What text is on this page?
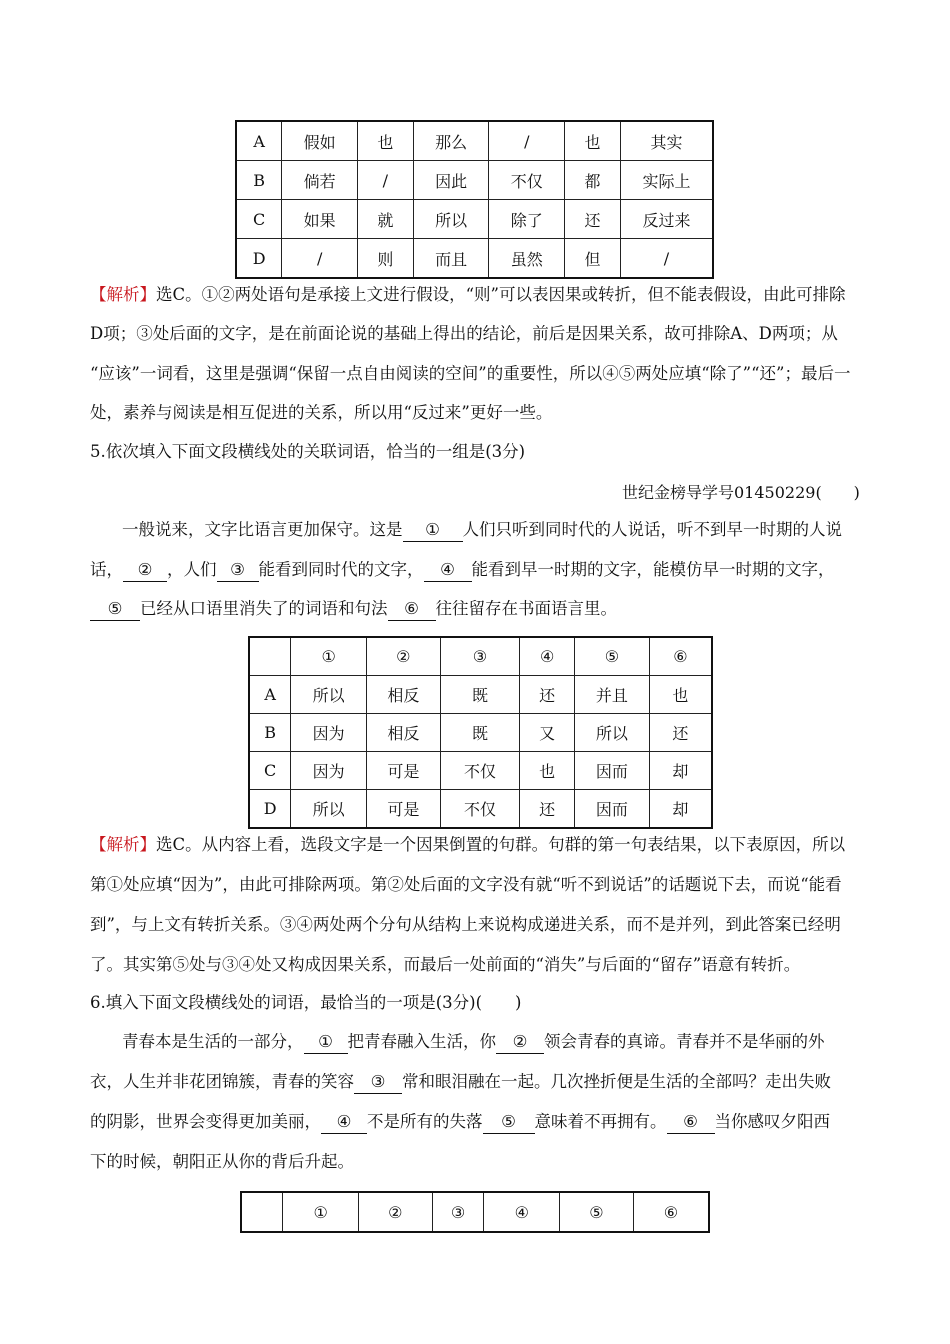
A	假如	也	那么	/	也	其实
B	倘若	/	因此	不仅	都	实际上
C	如果	就	所以	除了	还	反过来
D	/	则	而且	虽然	但	/
【解析】选C。①②两处语句是承接上文进行假设，“则”可以表因果或转折，但不能表假设，由此可排除
D项；③处后面的文字，是在前面论说的基础上得出的结论，前后是因果关系，故可排除A、D两项；从
“应该”一词看，这里是强调“保留一点自由阅读的空间”的重要性，所以④⑤两处应填“除了”“还”；最后一
处，素养与阅读是相互促进的关系，所以用“反过来”更好一些。
5.依次填入下面文段横线处的关联词语，恰当的一组是(3分)
世纪金榜导学号01450229(　　)
一般说来，文字比语言更加保守。这是 ① 人们只听到同时代的人说话，听不到早一时期的人说
话， ② ，人们 ③ 能看到同时代的文字， ④ 能看到早一时期的文字，能模仿早一时期的文字，
⑤ 已经从口语里消失了的词语和句法 ⑥ 往往留存在书面语言里。
	①	②	③	④	⑤	⑥
A	所以	相反	既	还	并且	也
B	因为	相反	既	又	所以	还
C	因为	可是	不仅	也	因而	却
D	所以	可是	不仅	还	因而	却
【解析】选C。从内容上看，选段文字是一个因果倒置的句群。句群的第一句表结果，以下表原因，所以
第①处应填“因为”，由此可排除两项。第②处后面的文字没有就“听不到说话”的话题说下去，而说“能看
到”，与上文有转折关系。③④两处两个分句从结构上来说构成递进关系，而不是并列，到此答案已经明
了。其实第⑤处与③④处又构成因果关系，而最后一处前面的“消失”与后面的“留存”语意有转折。
6.填入下面文段横线处的词语，最恰当的一项是(3分)(　　)
青春本是生活的一部分， ① 把青春融入生活，你 ② 领会青春的真谛。青春并不是华丽的外
衣，人生并非花团锦簇，青春的笑容 ③ 常和眼泪融在一起。几次挫折便是生活的全部吗？走出失败
的阴影，世界会变得更加美丽， ④ 不是所有的失落 ⑤ 意味着不再拥有。 ⑥ 当你感叹夕阳西
下的时候，朝阳正从你的背后升起。
	①	②	③	④	⑤	⑥
